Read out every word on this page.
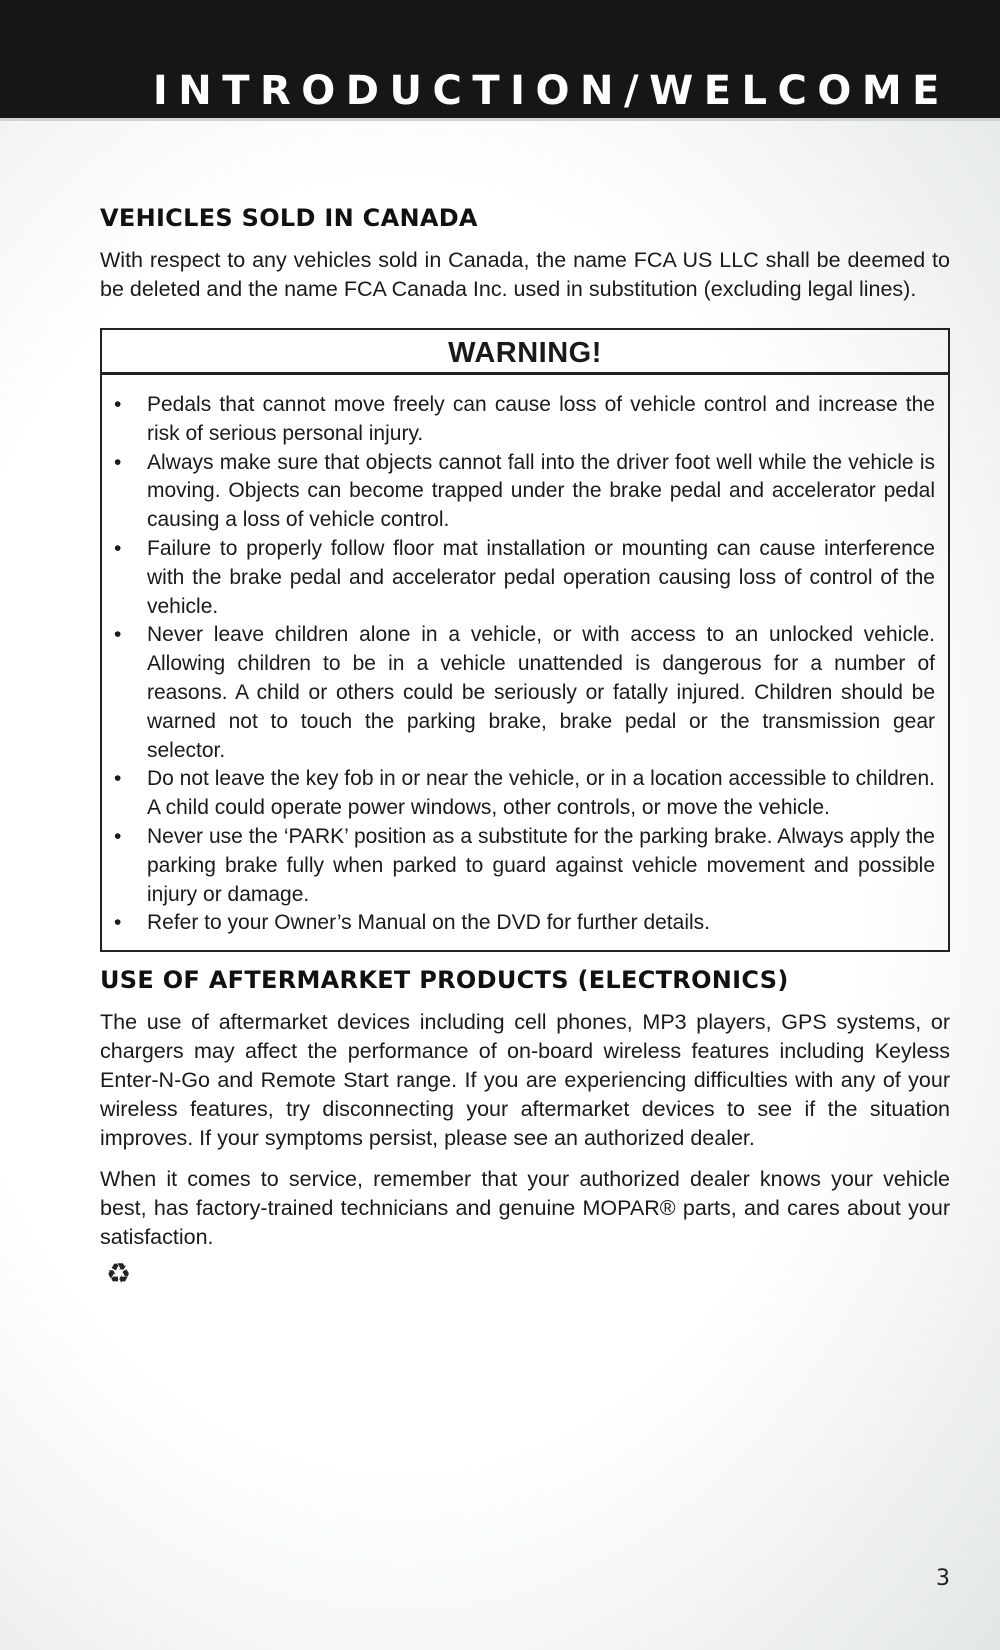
INTRODUCTION/WELCOME
VEHICLES SOLD IN CANADA

With respect to any vehicles sold in Canada, the name FCA US LLC shall be deemed to be deleted and the name FCA Canada Inc. used in substitution (excluding legal lines).

WARNING!
•	Pedals that cannot move freely can cause loss of vehicle control and increase the risk of serious personal injury.
•	Always make sure that objects cannot fall into the driver foot well while the vehicle is moving. Objects can become trapped under the brake pedal and accelerator pedal causing a loss of vehicle control.
•	Failure to properly follow floor mat installation or mounting can cause interference with the brake pedal and accelerator pedal operation causing loss of control of the vehicle.
•	Never leave children alone in a vehicle, or with access to an unlocked vehicle. Allowing children to be in a vehicle unattended is dangerous for a number of reasons. A child or others could be seriously or fatally injured. Children should be warned not to touch the parking brake, brake pedal or the transmission gear selector.
•	Do not leave the key fob in or near the vehicle, or in a location accessible to children. A child could operate power windows, other controls, or move the vehicle.
•	Never use the ‘PARK’ position as a substitute for the parking brake. Always apply the parking brake fully when parked to guard against vehicle movement and possible injury or damage.
•	Refer to your Owner’s Manual on the DVD for further details.
USE OF AFTERMARKET PRODUCTS (ELECTRONICS)

The use of aftermarket devices including cell phones, MP3 players, GPS systems, or chargers may affect the performance of on-board wireless features including Keyless Enter-N-Go and Remote Start range. If you are experiencing difficulties with any of your wireless features, try disconnecting your aftermarket devices to see if the situation improves. If your symptoms persist, please see an authorized dealer.

When it comes to service, remember that your authorized dealer knows your vehicle best, has factory-trained technicians and genuine MOPAR® parts, and cares about your satisfaction.

♻
3
